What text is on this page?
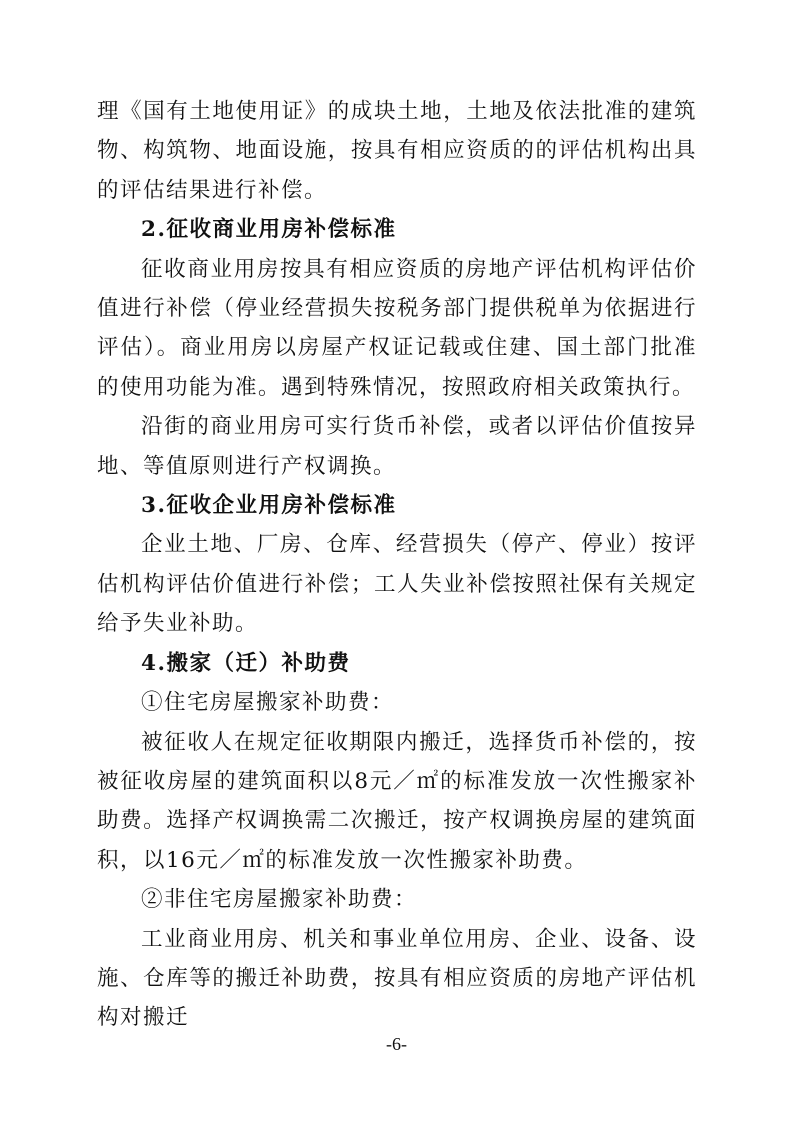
理《国有土地使用证》的成块土地，土地及依法批准的建筑物、构筑物、地面设施，按具有相应资质的的评估机构出具的评估结果进行补偿。

2.征收商业用房补偿标准

征收商业用房按具有相应资质的房地产评估机构评估价值进行补偿（停业经营损失按税务部门提供税单为依据进行评估）。商业用房以房屋产权证记载或住建、国土部门批准的使用功能为准。遇到特殊情况，按照政府相关政策执行。

沿街的商业用房可实行货币补偿，或者以评估价值按异地、等值原则进行产权调换。

3.征收企业用房补偿标准

企业土地、厂房、仓库、经营损失（停产、停业）按评估机构评估价值进行补偿；工人失业补偿按照社保有关规定给予失业补助。

4.搬家（迁）补助费

①住宅房屋搬家补助费：

被征收人在规定征收期限内搬迁，选择货币补偿的，按被征收房屋的建筑面积以8元／㎡的标准发放一次性搬家补助费。选择产权调换需二次搬迁，按产权调换房屋的建筑面积，以16元／㎡的标准发放一次性搬家补助费。

②非住宅房屋搬家补助费：

工业商业用房、机关和事业单位用房、企业、设备、设施、仓库等的搬迁补助费，按具有相应资质的房地产评估机构对搬迁

-6-
